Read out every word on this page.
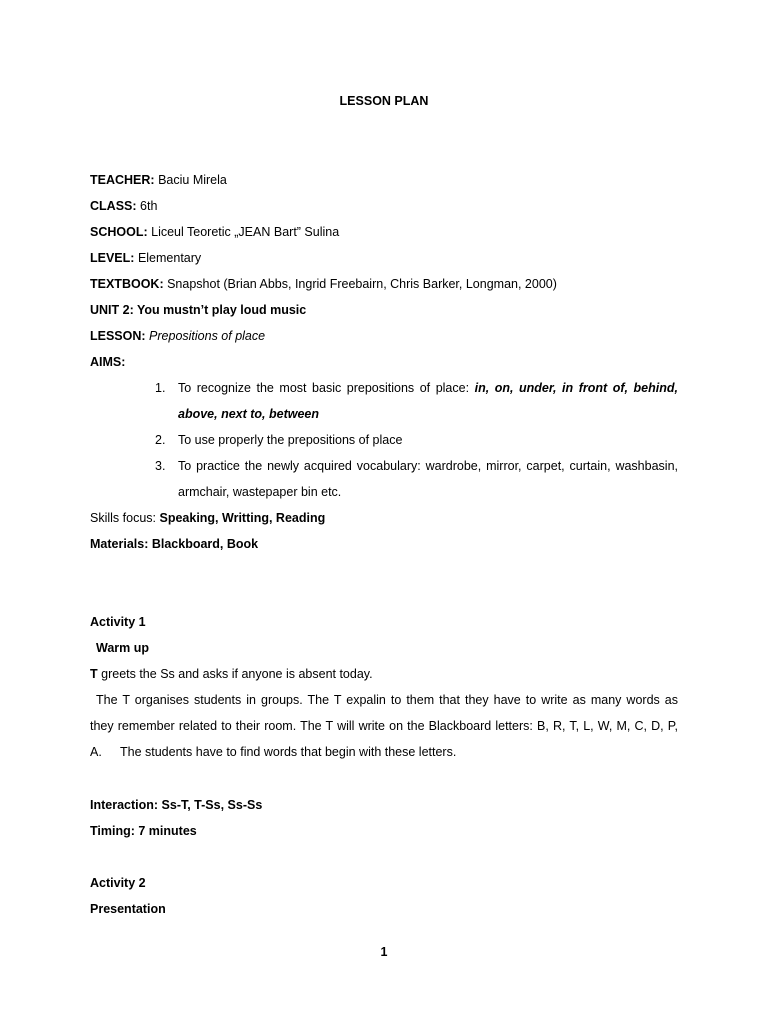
LESSON PLAN
TEACHER: Baciu Mirela
CLASS: 6th
SCHOOL: Liceul Teoretic „JEAN Bart” Sulina
LEVEL: Elementary
TEXTBOOK: Snapshot (Brian Abbs, Ingrid Freebairn, Chris Barker, Longman, 2000)
UNIT 2: You mustn’t play loud music
LESSON: Prepositions of place
AIMS:
1. To recognize the most basic prepositions of place: in, on, under, in front of, behind,
above, next to, between
2. To use properly the prepositions of place
3. To practice the newly acquired vocabulary: wardrobe, mirror, carpet, curtain, washbasin,
armchair, wastepaper bin etc.
Skills focus: Speaking, Writting, Reading
Materials: Blackboard, Book
Activity 1
Warm up
T greets the Ss and asks if anyone is absent today.
The T organises students in groups. The T expalin to them that they have to write as many words as
they remember related to their room. The T will write on the Blackboard letters: B, R, T, L, W, M, C, D, P,
A. The students have to find words that begin with these letters.
Interaction: Ss-T, T-Ss, Ss-Ss
Timing: 7 minutes
Activity 2
Presentation
1
